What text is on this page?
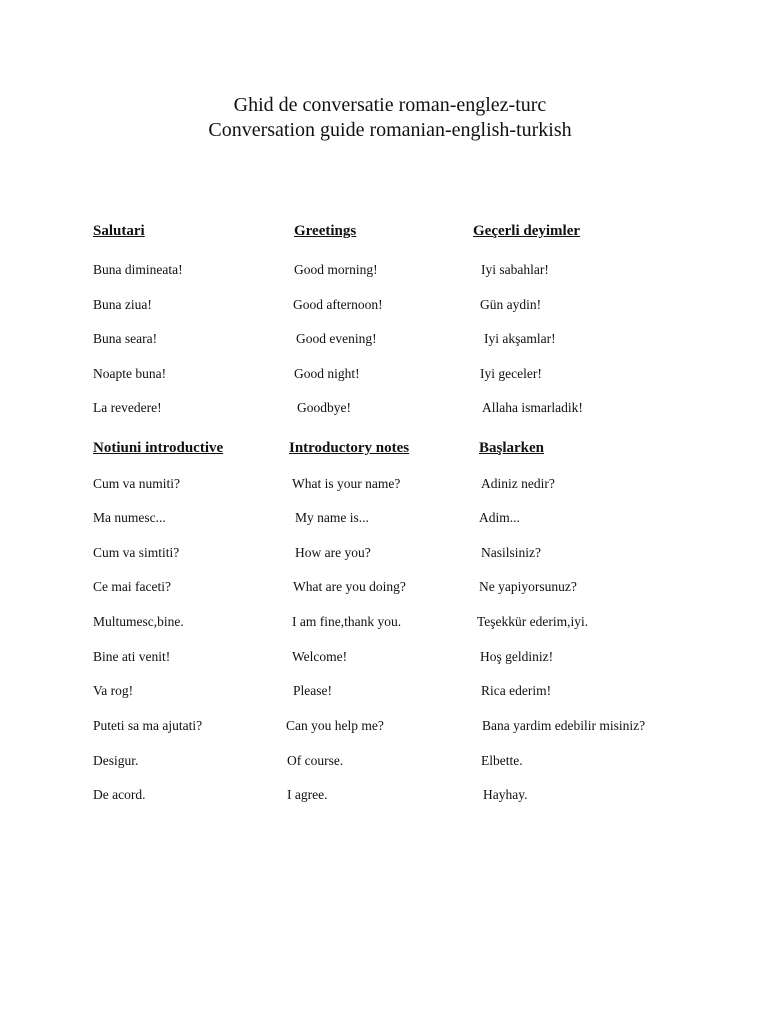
Ghid de conversatie roman-englez-turc
Conversation guide romanian-english-turkish
Salutari	Greetings	Geçerli deyimler
Buna dimineata!	Good morning!	Iyi sabahlar!
Buna ziua!	Good afternoon!	Gün aydin!
Buna seara!	Good evening!	Iyi akşamlar!
Noapte buna!	Good night!	Iyi geceler!
La revedere!	Goodbye!	Allaha ismarladik!
Notiuni introductive	Introductory notes	Başlarken
Cum va numiti?	What is your name?	Adiniz nedir?
Ma numesc...	My name is...	Adim...
Cum va simtiti?	How are you?	Nasilsiniz?
Ce mai faceti?	What are you doing?	Ne yapiyorsunuz?
Multumesc,bine.	I am fine,thank you.	Teşekkür ederim,iyi.
Bine ati venit!	Welcome!	Hoş geldiniz!
Va rog!	Please!	Rica ederim!
Puteti sa ma ajutati?	Can you help me?	Bana yardim edebilir misiniz?
Desigur.	Of course.	Elbette.
De acord.	I agree.	Hayhay.
